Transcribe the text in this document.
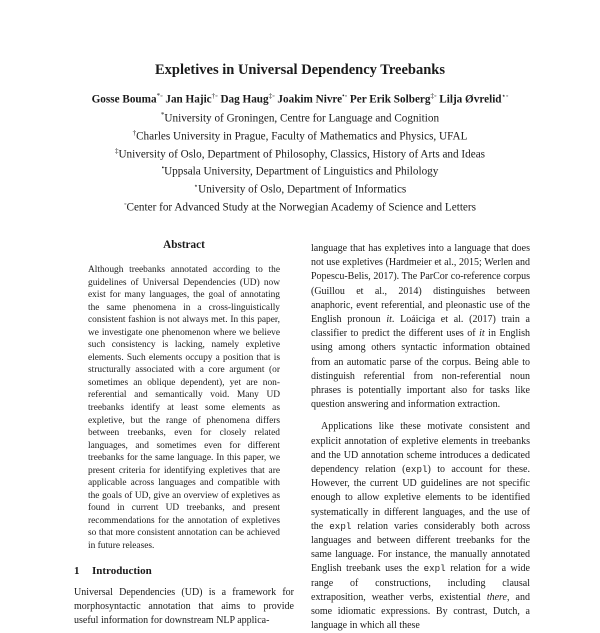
Expletives in Universal Dependency Treebanks
Gosse Bouma*◦ Jan Hajic†◦ Dag Haug‡◦ Joakim Nivre•◦ Per Erik Solberg‡◦ Lilja Øvrelid⋆◦
*University of Groningen, Centre for Language and Cognition
†Charles University in Prague, Faculty of Mathematics and Physics, UFAL
‡University of Oslo, Department of Philosophy, Classics, History of Arts and Ideas
•Uppsala University, Department of Linguistics and Philology
⋆University of Oslo, Department of Informatics
◦Center for Advanced Study at the Norwegian Academy of Science and Letters
Abstract

Although treebanks annotated according to the guidelines of Universal Dependencies (UD) now exist for many languages, the goal of annotating the same phenomena in a cross-linguistically consistent fashion is not always met. In this paper, we investigate one phenomenon where we believe such consistency is lacking, namely expletive elements. Such elements occupy a position that is structurally associated with a core argument (or sometimes an oblique dependent), yet are non-referential and semantically void. Many UD treebanks identify at least some elements as expletive, but the range of phenomena differs between treebanks, even for closely related languages, and sometimes even for different treebanks for the same language. In this paper, we present criteria for identifying expletives that are applicable across languages and compatible with the goals of UD, give an overview of expletives as found in current UD treebanks, and present recommendations for the annotation of expletives so that more consistent annotation can be achieved in future releases.

1 Introduction

Universal Dependencies (UD) is a framework for morphosyntactic annotation that aims to provide useful information for downstream NLP applica-

language that has expletives into a language that does not use expletives (Hardmeier et al., 2015; Werlen and Popescu-Belis, 2017). The ParCor co-reference corpus (Guillou et al., 2014) distinguishes between anaphoric, event referential, and pleonastic use of the English pronoun it. Loáiciga et al. (2017) train a classifier to predict the different uses of it in English using among others syntactic information obtained from an automatic parse of the corpus. Being able to distinguish referential from non-referential noun phrases is potentially important also for tasks like question answering and information extraction.

Applications like these motivate consistent and explicit annotation of expletive elements in treebanks and the UD annotation scheme introduces a dedicated dependency relation (expl) to account for these. However, the current UD guidelines are not specific enough to allow expletive elements to be identified systematically in different languages, and the use of the expl relation varies considerably both across languages and between different treebanks for the same language. For instance, the manually annotated English treebank uses the expl relation for a wide range of constructions, including clausal extraposition, weather verbs, existential there, and some idiomatic expressions. By contrast, Dutch, a language in which all these
